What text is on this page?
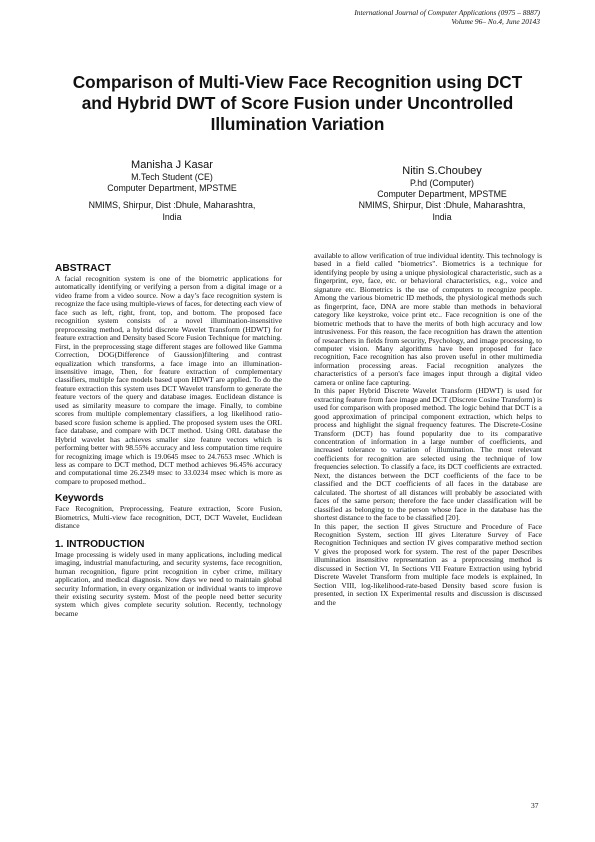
International Journal of Computer Applications (0975 – 8887)
Volume 96– No.4, June 20143
Comparison of Multi-View Face Recognition using DCT
and Hybrid DWT of Score Fusion under Uncontrolled
Illumination Variation
Manisha J Kasar
M.Tech Student (CE)
Computer Department, MPSTME
NMIMS, Shirpur, Dist :Dhule, Maharashtra,
India
Nitin S.Choubey
P.hd (Computer)
Computer Department, MPSTME
NMIMS, Shirpur, Dist :Dhule, Maharashtra,
India
ABSTRACT

A facial recognition system is one of the biometric applications for automatically identifying or verifying a person from a digital image or a video frame from a video source. Now a day’s face recognition system is recognize the face using multiple-views of faces, for detecting each view of face such as left, right, front, top, and bottom. The proposed face recognition system consists of a novel illumination-insensitive preprocessing method, a hybrid discrete Wavelet Transform (HDWT) for feature extraction and Density based Score Fusion Technique for matching. First, in the preprocessing stage different stages are followed like Gamma Correction, DOG(Difference of Gaussion)filtering and contrast equalization which transforms, a face image into an illumination-insensitive image, Then, for feature extraction of complementary classifiers, multiple face models based upon HDWT are applied. To do the feature extraction this system uses DCT Wavelet transform to generate the feature vectors of the query and database images. Euclidean distance is used as similarity measure to compare the image. Finally, to combine scores from multiple complementary classifiers, a log likelihood ratio-based score fusion scheme is applied. The proposed system uses the ORL face database, and compare with DCT method. Using ORL database the Hybrid wavelet has achieves smaller size feature vectors which is performing better with 98.55% accuracy and less computation time require for recognizing image which is 19.0645 msec to 24.7653 msec .Which is less as compare to DCT method, DCT method achieves 96.45% accuracy and computational time 26.2349 msec to 33.0234 msec which is more as compare to proposed method..

Keywords

Face Recognition, Preprocessing, Feature extraction, Score Fusion, Biometrics, Multi-view face recognition, DCT, DCT Wavelet, Euclidean distance

1. INTRODUCTION

Image processing is widely used in many applications, including medical imaging, industrial manufacturing, and security systems, face recognition, human recognition, figure print recognition in cyber crime, military application, and medical diagnosis. Now days we need to maintain global security Information, in every organization or individual wants to improve their existing security system. Most of the people need better security system which gives complete security solution. Recently, technology became

available to allow verification of true individual identity. This technology is based in a field called "biometrics". Biometrics is a technique for identifying people by using a unique physiological characteristic, such as a fingerprint, eye, face, etc. or behavioral characteristics, e.g., voice and signature etc. Biometrics is the use of computers to recognize people. Among the various biometric ID methods, the physiological methods such as fingerprint, face, DNA are more stable than methods in behavioral category like keystroke, voice print etc.. Face recognition is one of the biometric methods that to have the merits of both high accuracy and low intrusiveness. For this reason, the face recognition has drawn the attention of researchers in fields from security, Psychology, and image processing, to computer vision. Many algorithms have been proposed for face recognition, Face recognition has also proven useful in other multimedia information processing areas. Facial recognition analyzes the characteristics of a person's face images input through a digital video camera or online face capturing.

In this paper Hybrid Discrete Wavelet Transform (HDWT) is used for extracting feature from face image and DCT (Discrete Cosine Transform) is used for comparison with proposed method. The logic behind that DCT is a good approximation of principal component extraction, which helps to process and highlight the signal frequency features. The Discrete-Cosine Transform (DCT) has found popularity due to its comparative concentration of information in a large number of coefficients, and increased tolerance to variation of illumination. The most relevant coefficients for recognition are selected using the technique of low frequencies selection. To classify a face, its DCT coefficients are extracted. Next, the distances between the DCT coefficients of the face to be classified and the DCT coefficients of all faces in the database are calculated. The shortest of all distances will probably be associated with faces of the same person; therefore the face under classification will be classified as belonging to the person whose face in the database has the shortest distance to the face to be classified [20].

In this paper, the section II gives Structure and Procedure of Face Recognition System, section III gives Literature Survey of Face Recognition Techniques and section IV gives comparative method section V gives the proposed work for system. The rest of the paper Describes illumination insensitive representation as a preprocessing method is discussed in Section VI, In Sections VII Feature Extraction using hybrid Discrete Wavelet Transform from multiple face models is explained, In Section VIII, log-likelihood-rate-based Density based score fusion is presented, in section IX Experimental results and discussion is discussed and the

37
